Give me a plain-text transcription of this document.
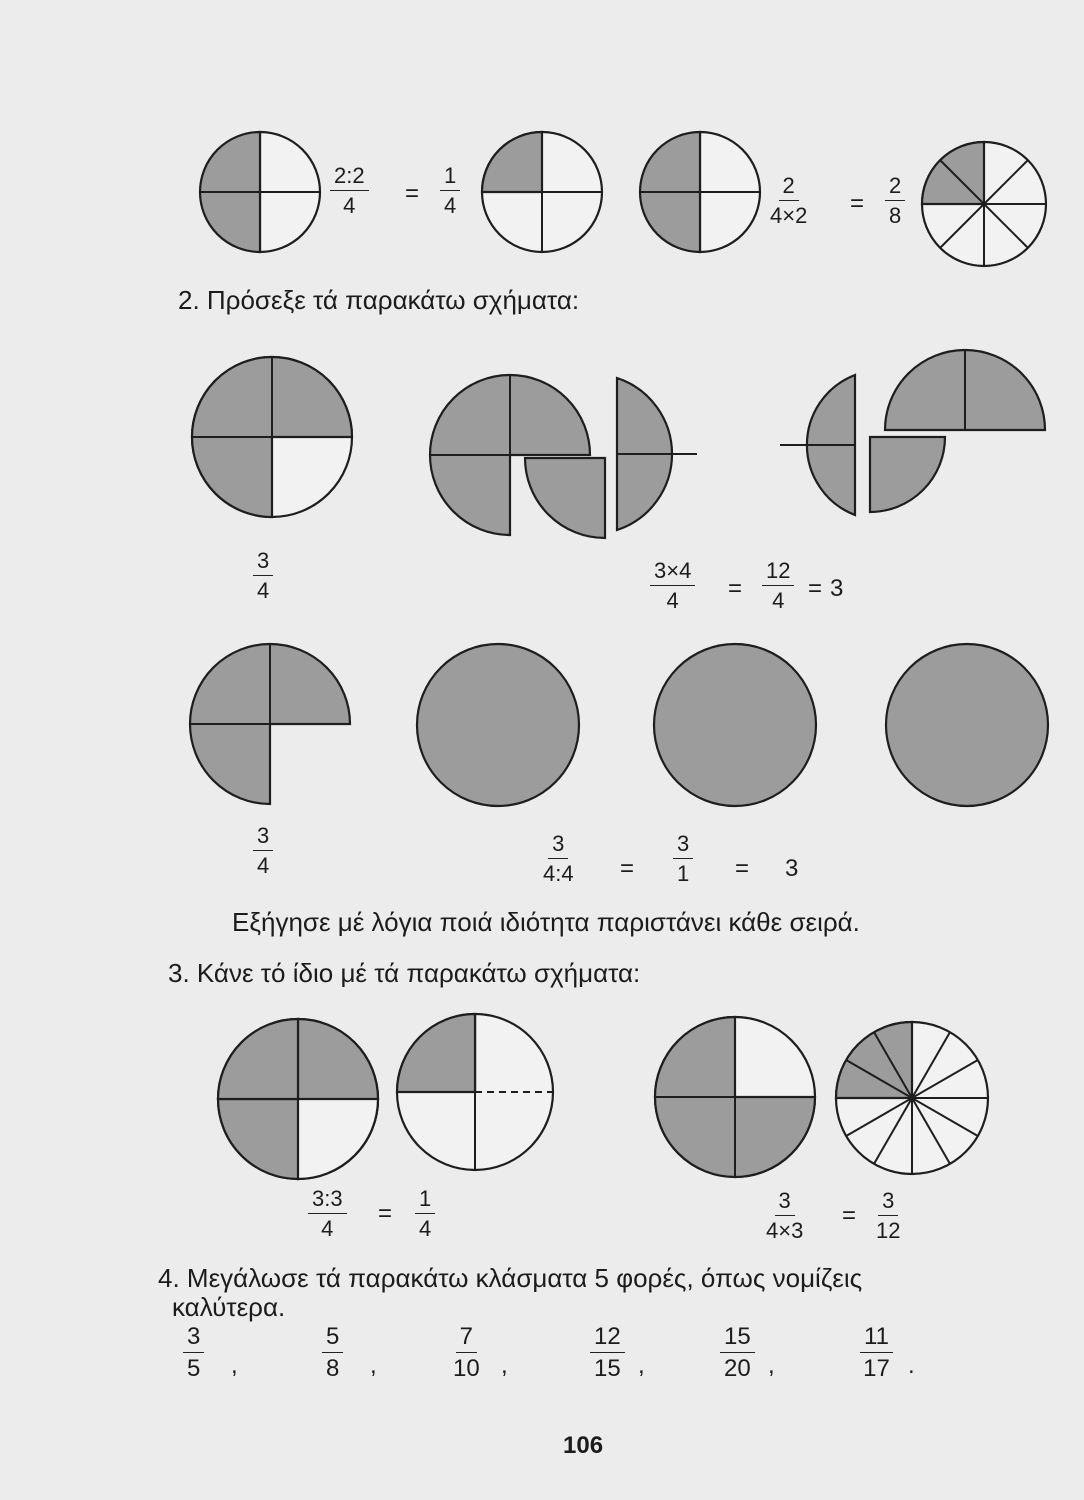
$\frac{2:2}{4} = \frac{1}{4}$	$\frac{2}{4\times 2} = \frac{2}{8}$
2. Πρόσεξε τά παρακάτω σχήματα:
$\frac{3}{4}$	$\frac{3\times 4}{4} = \frac{12}{4} = 3$
$\frac{3}{4}$	$\frac{3}{4:4} = \frac{3}{1} = 3$
Εξήγησε μέ λόγια ποιά ιδιότητα παριστάνει κάθε σειρά.
3. Κάνε τό ίδιο μέ τά παρακάτω σχήματα:
$\frac{3:3}{4} = \frac{1}{4}$	$\frac{3}{4\times 3} = \frac{3}{12}$
4. Μεγάλωσε τά παρακάτω κλάσματα 5 φορές, όπως νομίζεις
καλύτερα.
$\frac{3}{5}$ ,	$\frac{5}{8}$ ,	$\frac{7}{10}$ ,	$\frac{12}{15}$ ,	$\frac{15}{20}$ ,	$\frac{11}{17}$ .
106
